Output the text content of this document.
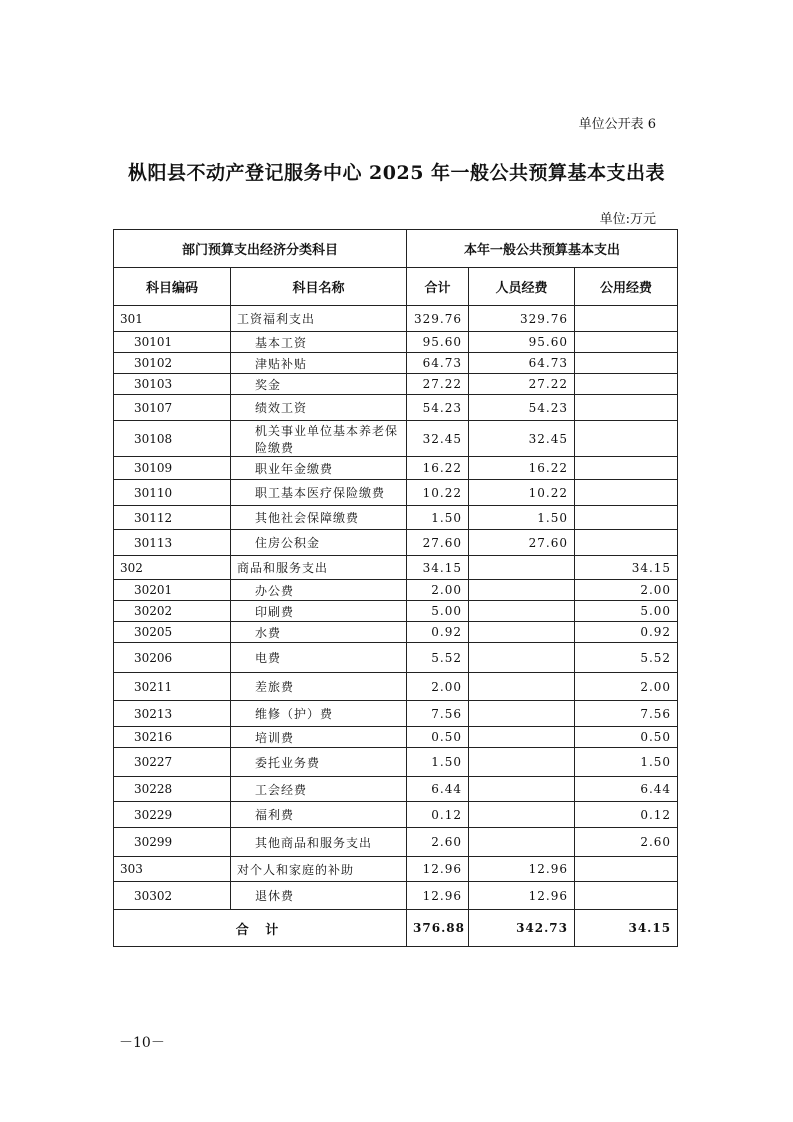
单位公开表 6
枞阳县不动产登记服务中心 2025 年一般公共预算基本支出表
单位:万元
部门预算支出经济分类科目		本年一般公共预算基本支出		
科目编码	科目名称	合计	人员经费	公用经费
301	工资福利支出	329.76	329.76	
30101	基本工资	95.60	95.60	
30102	津贴补贴	64.73	64.73	
30103	奖金	27.22	27.22	
30107	绩效工资	54.23	54.23	
30108	机关事业单位基本养老保险缴费	32.45	32.45	
30109	职业年金缴费	16.22	16.22	
30110	职工基本医疗保险缴费	10.22	10.22	
30112	其他社会保障缴费	1.50	1.50	
30113	住房公积金	27.60	27.60	
302	商品和服务支出	34.15		34.15
30201	办公费	2.00		2.00
30202	印刷费	5.00		5.00
30205	水费	0.92		0.92
30206	电费	5.52		5.52
30211	差旅费	2.00		2.00
30213	维修（护）费	7.56		7.56
30216	培训费	0.50		0.50
30227	委托业务费	1.50		1.50
30228	工会经费	6.44		6.44
30229	福利费	0.12		0.12
30299	其他商品和服务支出	2.60		2.60
303	对个人和家庭的补助	12.96	12.96	
30302	退休费	12.96	12.96	
合 计		376.88	342.73	34.15
－10－
